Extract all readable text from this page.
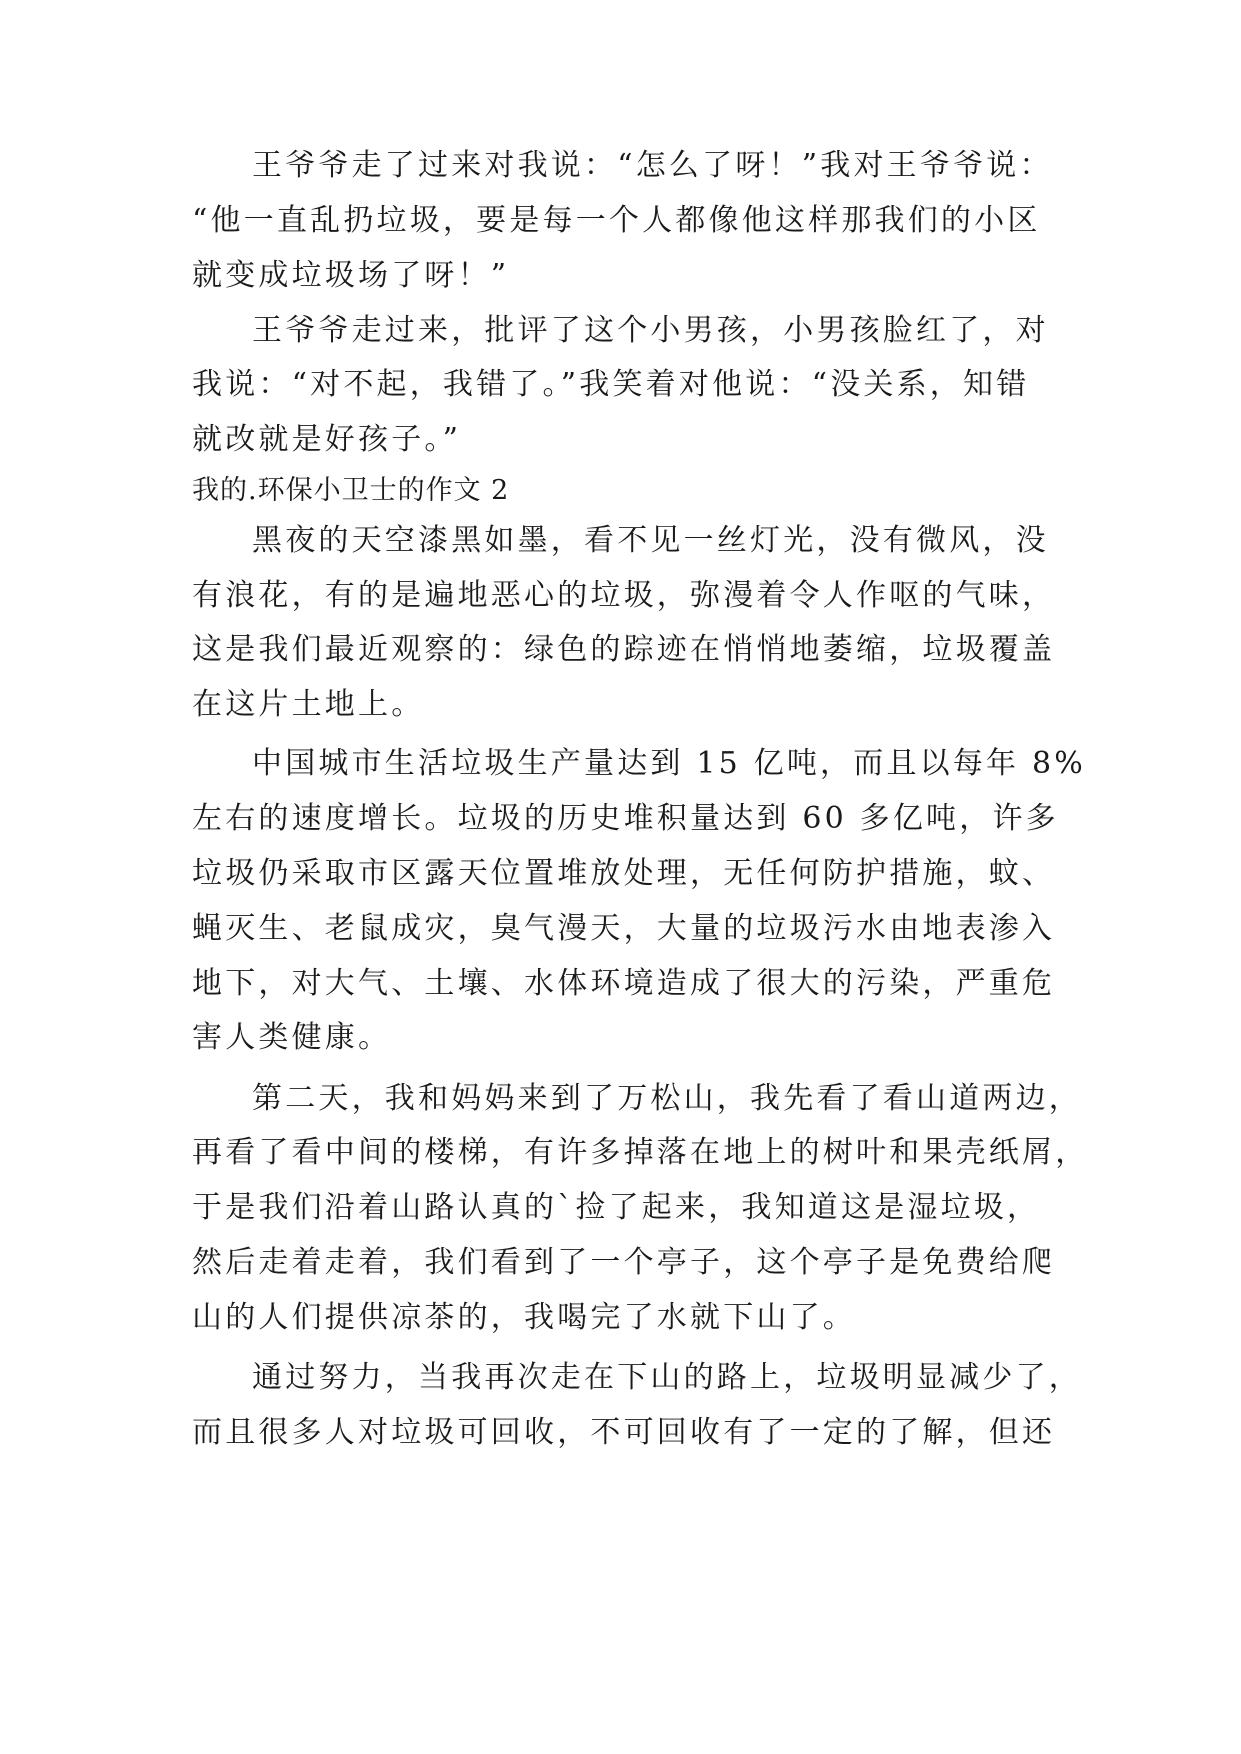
王爷爷走了过来对我说：“怎么了呀！”我对王爷爷说：
“他一直乱扔垃圾，要是每一个人都像他这样那我们的小区
就变成垃圾场了呀！”
王爷爷走过来，批评了这个小男孩，小男孩脸红了，对
我说：“对不起，我错了。”我笑着对他说：“没关系，知错
就改就是好孩子。”
我的.环保小卫士的作文 2
黑夜的天空漆黑如墨，看不见一丝灯光，没有微风，没
有浪花，有的是遍地恶心的垃圾，弥漫着令人作呕的气味，
这是我们最近观察的：绿色的踪迹在悄悄地萎缩，垃圾覆盖
在这片土地上。
中国城市生活垃圾生产量达到 15 亿吨，而且以每年 8%
左右的速度增长。垃圾的历史堆积量达到 60 多亿吨，许多
垃圾仍采取市区露天位置堆放处理，无任何防护措施，蚊、
蝇灭生、老鼠成灾，臭气漫天，大量的垃圾污水由地表渗入
地下，对大气、土壤、水体环境造成了很大的污染，严重危
害人类健康。
第二天，我和妈妈来到了万松山，我先看了看山道两边，
再看了看中间的楼梯，有许多掉落在地上的树叶和果壳纸屑，
于是我们沿着山路认真的`捡了起来，我知道这是湿垃圾，
然后走着走着，我们看到了一个亭子，这个亭子是免费给爬
山的人们提供凉茶的，我喝完了水就下山了。
通过努力，当我再次走在下山的路上，垃圾明显减少了，
而且很多人对垃圾可回收，不可回收有了一定的了解，但还
